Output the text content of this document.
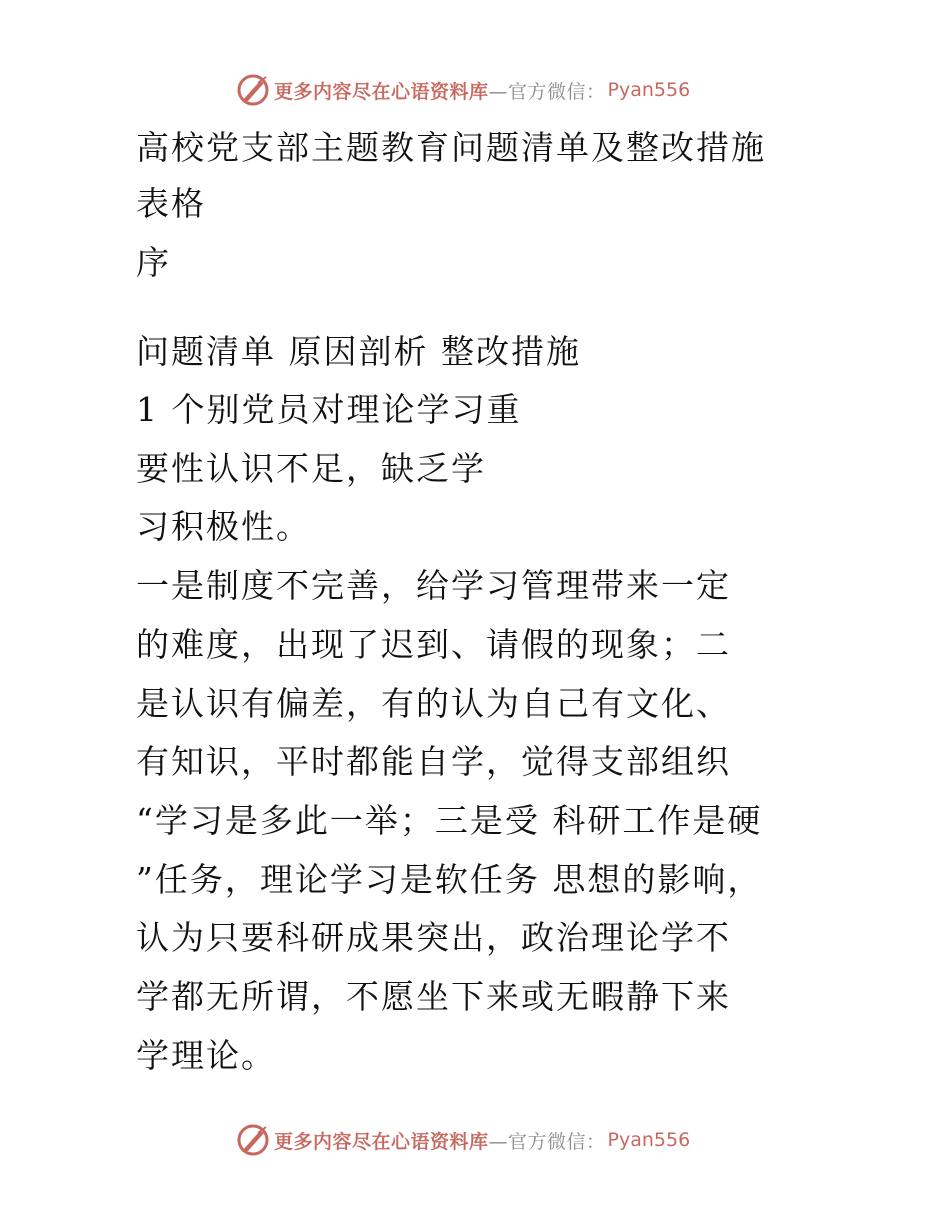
更多内容尽在心语资料库 —官方微信： Pyan556
高校党支部主题教育问题清单及整改措施
表格
序
问题清单 原因剖析 整改措施
1 个别党员对理论学习重
要性认识不足，缺乏学
习积极性。
一是制度不完善，给学习管理带来一定
的难度，出现了迟到、请假的现象；二
是认识有偏差，有的认为自己有文化、
有知识，平时都能自学，觉得支部组织
“学习是多此一举；三是受 科研工作是硬
”任务，理论学习是软任务 思想的影响，
认为只要科研成果突出，政治理论学不
学都无所谓，不愿坐下来或无暇静下来
学理论。
更多内容尽在心语资料库 —官方微信： Pyan556
